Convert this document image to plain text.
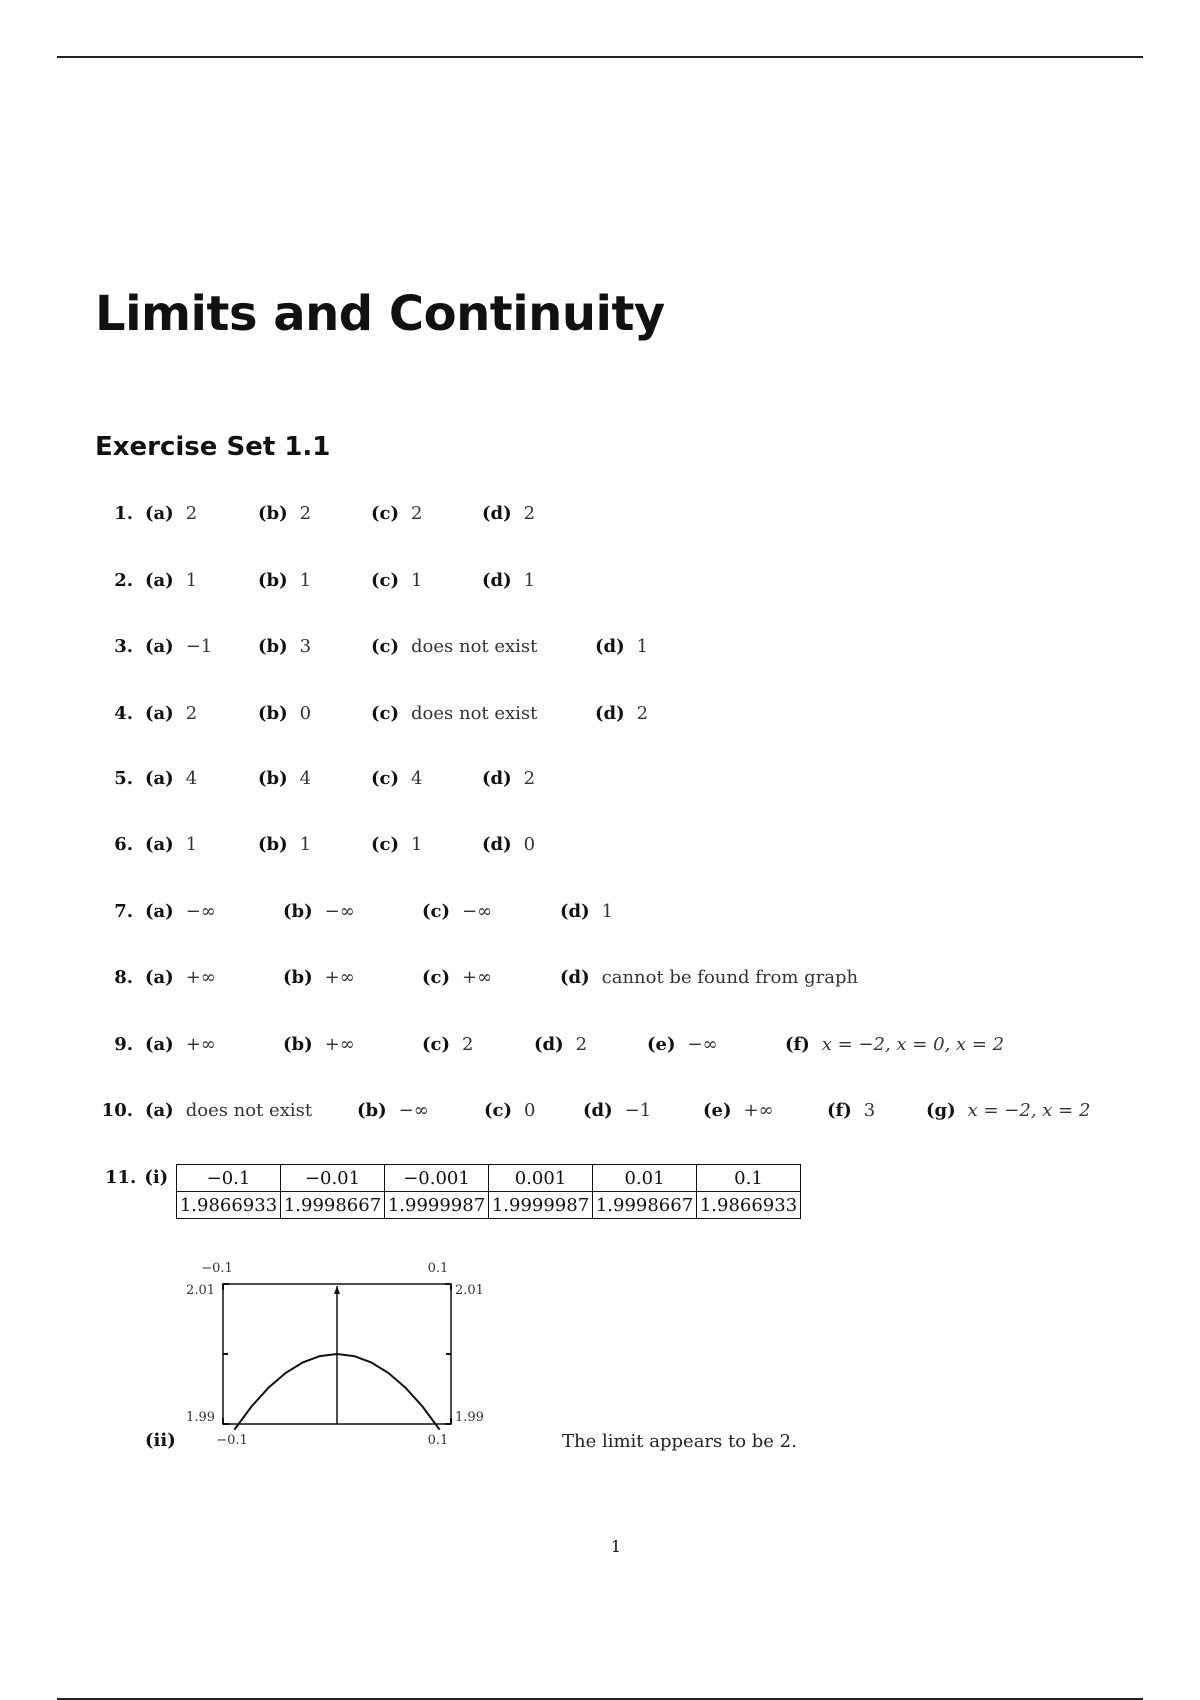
Limits and Continuity
Exercise Set 1.1
1. (a) 2	(b) 2	(c) 2	(d) 2
2. (a) 1	(b) 1	(c) 1	(d) 1
3. (a) −1	(b) 3	(c) does not exist	(d) 1
4. (a) 2	(b) 0	(c) does not exist	(d) 2
5. (a) 4	(b) 4	(c) 4	(d) 2
6. (a) 1	(b) 1	(c) 1	(d) 0
7. (a) −∞	(b) −∞	(c) −∞	(d) 1
8. (a) +∞	(b) +∞	(c) +∞	(d) cannot be found from graph
9. (a) +∞	(b) +∞	(c) 2	(d) 2	(e) −∞	(f) x = −2, x = 0, x = 2
10. (a) does not exist (b) −∞	(c) 0	(d) −1	(e) +∞	(f) 3	(g) x = −2, x = 2
11. (i)	−0.1	−0.01	−0.001	0.001	0.01	0.1
1.9866933	1.9998667	1.9999987	1.9999987	1.9998667	1.9866933
(ii)
−0.1	0.1
2.01	2.01
1.99	1.99
−0.1	0.1	The limit appears to be 2.
1
